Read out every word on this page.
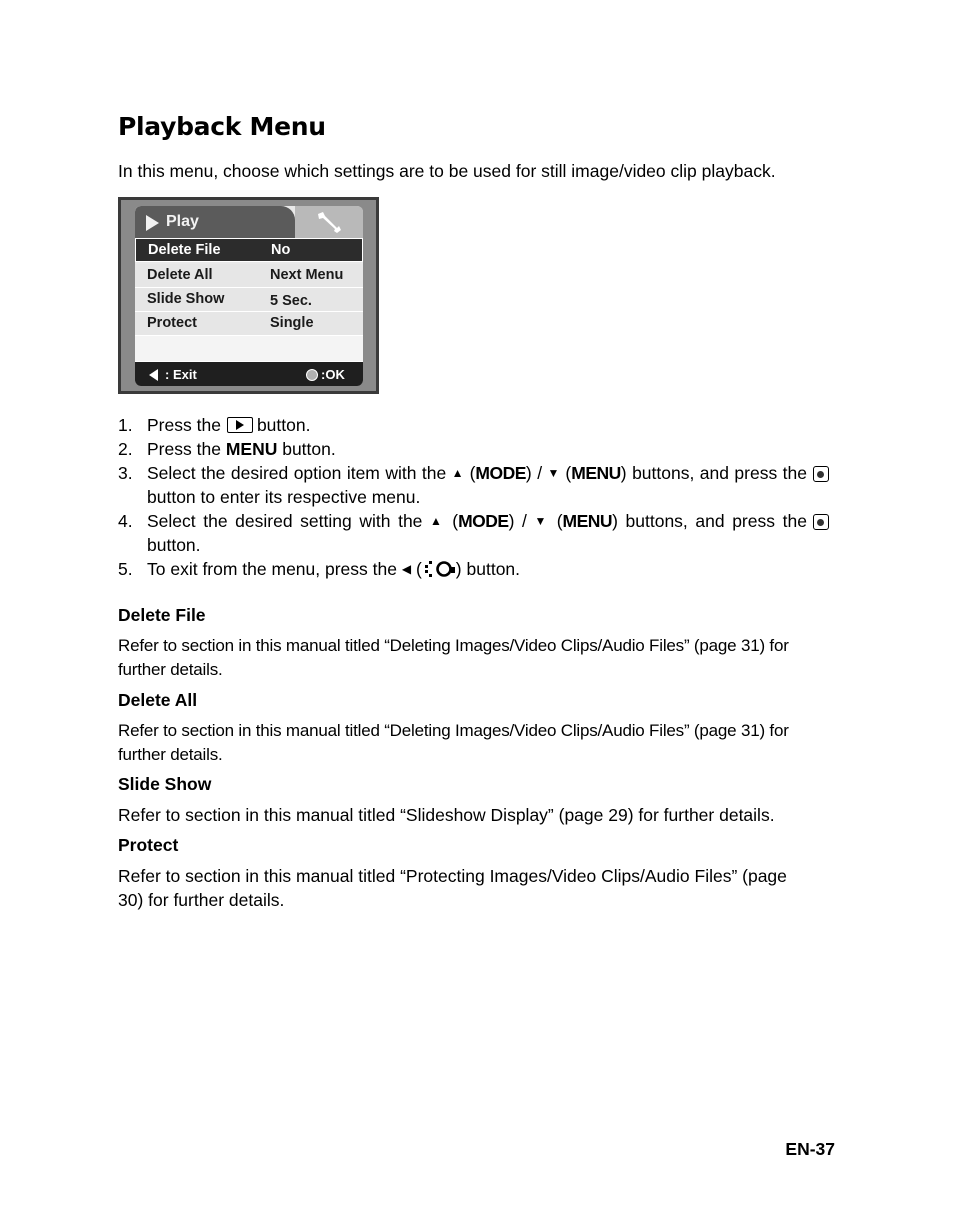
Playback Menu

In this menu, choose which settings are to be used for still image/video clip playback.

Play
Delete File	No
Delete All	Next Menu
Slide Show	5 Sec.
Protect	Single
: Exit	:OK
1. Press the button.
2. Press the MENU button.
3. Select the desired option item with the ▲ (MODE) / ▼ (MENU) buttons, and press thebutton to enter its respective menu.
4. Select the desired setting with the ▲ (MODE) / ▼ (MENU) buttons, and press thebutton.
5. To exit from the menu, press the ◀ ( ) button.
Delete File

Refer to section in this manual titled “Deleting Images/Video Clips/Audio Files” (page 31) for further details.

Delete All

Refer to section in this manual titled “Deleting Images/Video Clips/Audio Files” (page 31) for further details.

Slide Show

Refer to section in this manual titled “Slideshow Display” (page 29) for further details.

Protect

Refer to section in this manual titled “Protecting Images/Video Clips/Audio Files” (page 30) for further details.

EN-37
